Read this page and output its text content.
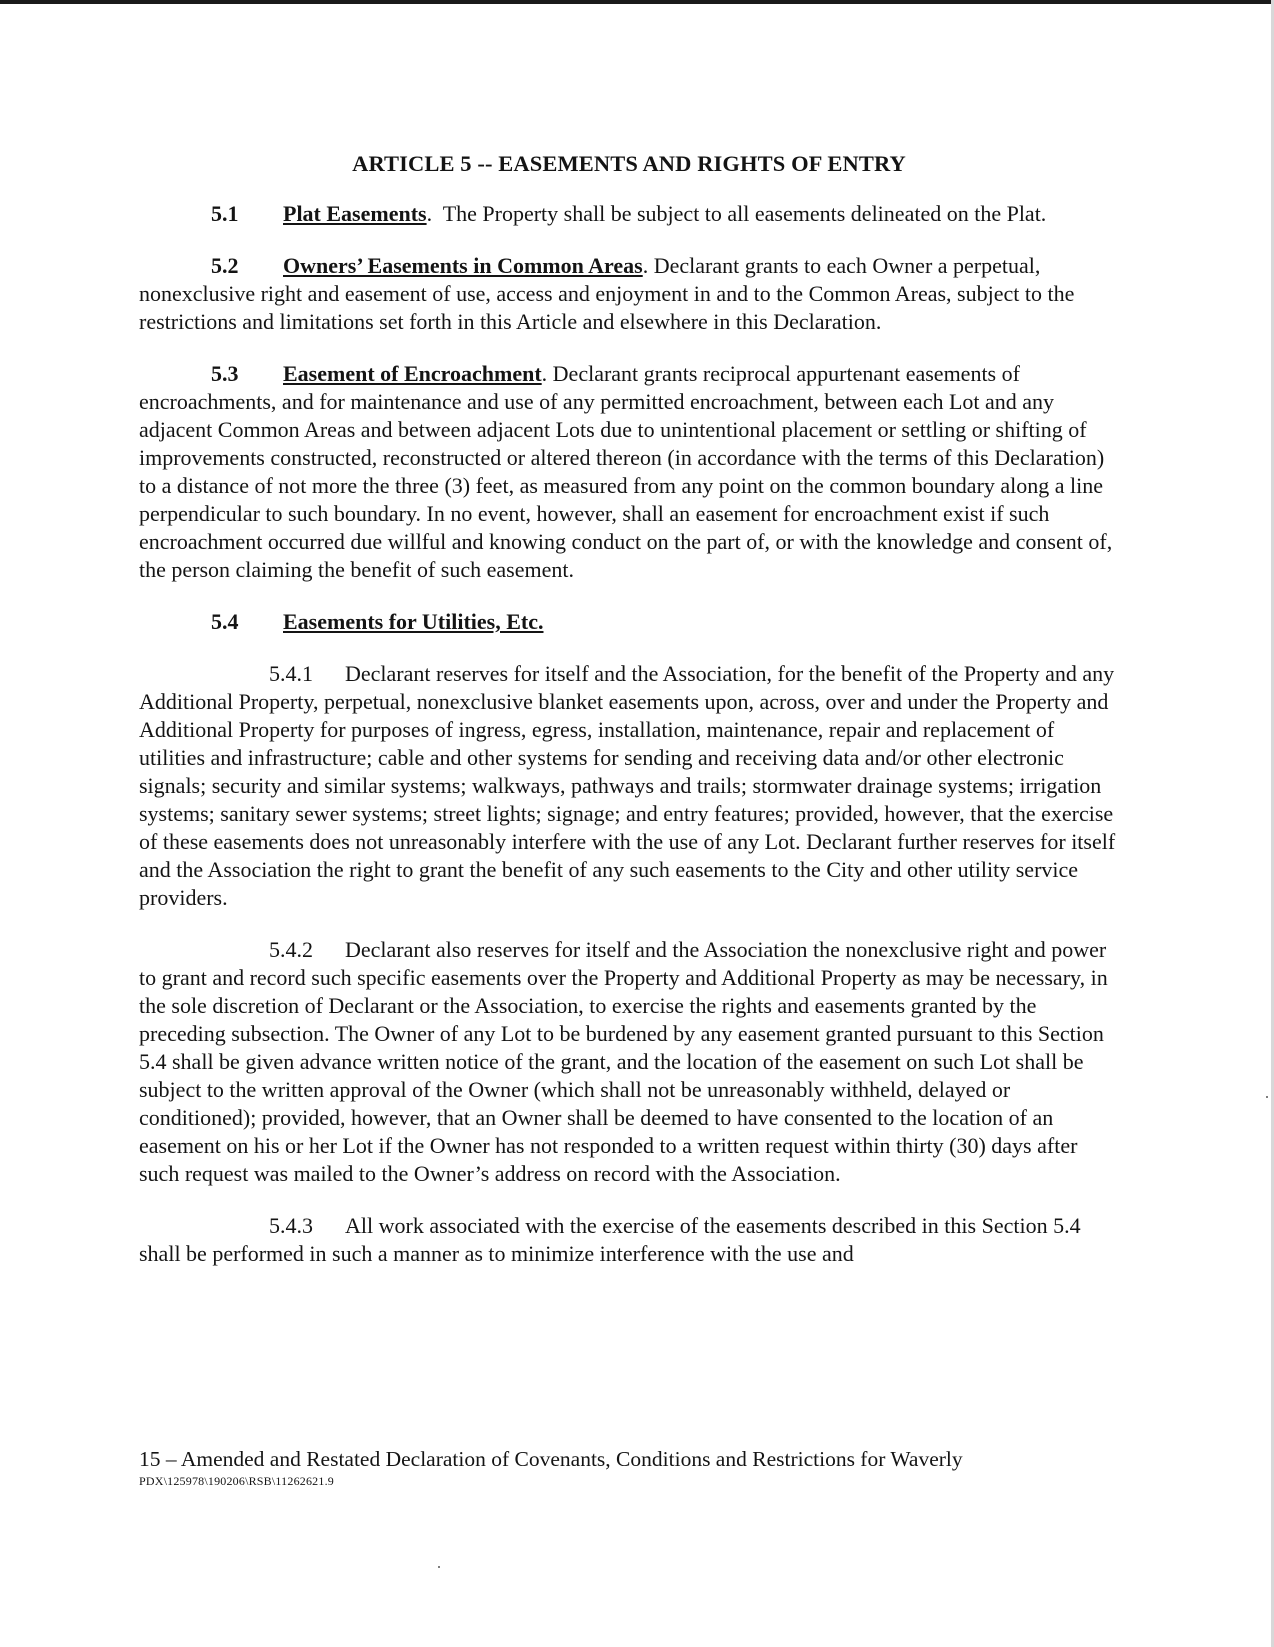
ARTICLE 5 -- EASEMENTS AND RIGHTS OF ENTRY

5.1 Plat Easements. The Property shall be subject to all easements delineated on the Plat.

5.2 Owners’ Easements in Common Areas. Declarant grants to each Owner a perpetual, nonexclusive right and easement of use, access and enjoyment in and to the Common Areas, subject to the restrictions and limitations set forth in this Article and elsewhere in this Declaration.

5.3 Easement of Encroachment. Declarant grants reciprocal appurtenant easements of encroachments, and for maintenance and use of any permitted encroachment, between each Lot and any adjacent Common Areas and between adjacent Lots due to unintentional placement or settling or shifting of improvements constructed, reconstructed or altered thereon (in accordance with the terms of this Declaration) to a distance of not more the three (3) feet, as measured from any point on the common boundary along a line perpendicular to such boundary. In no event, however, shall an easement for encroachment exist if such encroachment occurred due willful and knowing conduct on the part of, or with the knowledge and consent of, the person claiming the benefit of such easement.

5.4 Easements for Utilities, Etc.

5.4.1 Declarant reserves for itself and the Association, for the benefit of the Property and any Additional Property, perpetual, nonexclusive blanket easements upon, across, over and under the Property and Additional Property for purposes of ingress, egress, installation, maintenance, repair and replacement of utilities and infrastructure; cable and other systems for sending and receiving data and/or other electronic signals; security and similar systems; walkways, pathways and trails; stormwater drainage systems; irrigation systems; sanitary sewer systems; street lights; signage; and entry features; provided, however, that the exercise of these easements does not unreasonably interfere with the use of any Lot. Declarant further reserves for itself and the Association the right to grant the benefit of any such easements to the City and other utility service providers.

5.4.2 Declarant also reserves for itself and the Association the nonexclusive right and power to grant and record such specific easements over the Property and Additional Property as may be necessary, in the sole discretion of Declarant or the Association, to exercise the rights and easements granted by the preceding subsection. The Owner of any Lot to be burdened by any easement granted pursuant to this Section 5.4 shall be given advance written notice of the grant, and the location of the easement on such Lot shall be subject to the written approval of the Owner (which shall not be unreasonably withheld, delayed or conditioned); provided, however, that an Owner shall be deemed to have consented to the location of an easement on his or her Lot if the Owner has not responded to a written request within thirty (30) days after such request was mailed to the Owner’s address on record with the Association.

5.4.3 All work associated with the exercise of the easements described in this Section 5.4 shall be performed in such a manner as to minimize interference with the use and

15 – Amended and Restated Declaration of Covenants, Conditions and Restrictions for Waverly
PDX\125978\190206\RSB\11262621.9
